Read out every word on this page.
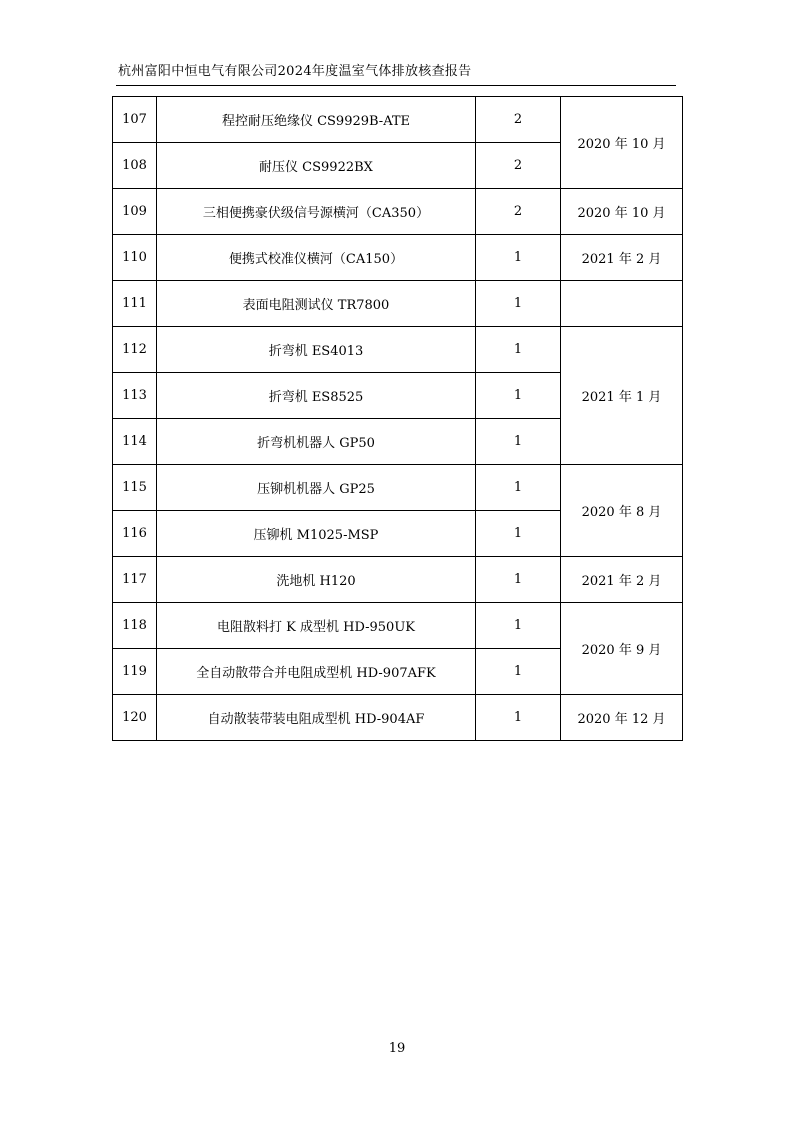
杭州富阳中恒电气有限公司2024年度温室气体排放核查报告
107	程控耐压绝缘仪 CS9929B-ATE	2	2020 年 10 月
108	耐压仪 CS9922BX	2	
109	三相便携豪伏级信号源横河（CA350）	2	2020 年 10 月
110	便携式校准仪横河（CA150）	1	2021 年 2 月
111	表面电阻测试仪 TR7800	1	
112	折弯机 ES4013	1	2021 年 1 月
113	折弯机 ES8525	1	
114	折弯机机器人 GP50	1	
115	压铆机机器人 GP25	1	2020 年 8 月
116	压铆机 M1025-MSP	1	
117	洗地机 H120	1	2021 年 2 月
118	电阻散料打 K 成型机 HD-950UK	1	2020 年 9 月
119	全自动散带合并电阻成型机 HD-907AFK	1	
120	自动散装带装电阻成型机 HD-904AF	1	2020 年 12 月
19
